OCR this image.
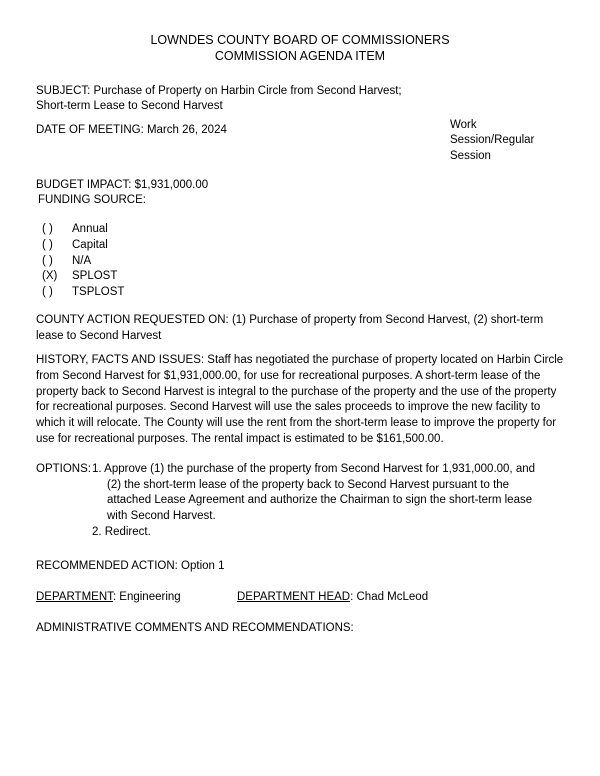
LOWNDES COUNTY BOARD OF COMMISSIONERS
COMMISSION AGENDA ITEM
SUBJECT: Purchase of Property on Harbin Circle from Second Harvest; Short-term Lease to Second Harvest
DATE OF MEETING: March 26, 2024	Work Session/Regular Session
BUDGET IMPACT: $1,931,000.00
FUNDING SOURCE:
( )	Annual
( )	Capital
( )	N/A
(X)	SPLOST
( )	TSPLOST
COUNTY ACTION REQUESTED ON: (1) Purchase of property from Second Harvest, (2) short-term lease to Second Harvest
HISTORY, FACTS AND ISSUES: Staff has negotiated the purchase of property located on Harbin Circle from Second Harvest for $1,931,000.00, for use for recreational purposes. A short-term lease of the property back to Second Harvest is integral to the purchase of the property and the use of the property for recreational purposes. Second Harvest will use the sales proceeds to improve the new facility to which it will relocate. The County will use the rent from the short-term lease to improve the property for use for recreational purposes. The rental impact is estimated to be $161,500.00.
OPTIONS: 1. Approve (1) the purchase of the property from Second Harvest for 1,931,000.00, and (2) the short-term lease of the property back to Second Harvest pursuant to the attached Lease Agreement and authorize the Chairman to sign the short-term lease with Second Harvest.
2. Redirect.
RECOMMENDED ACTION: Option 1
DEPARTMENT: Engineering	DEPARTMENT HEAD: Chad McLeod
ADMINISTRATIVE COMMENTS AND RECOMMENDATIONS:
